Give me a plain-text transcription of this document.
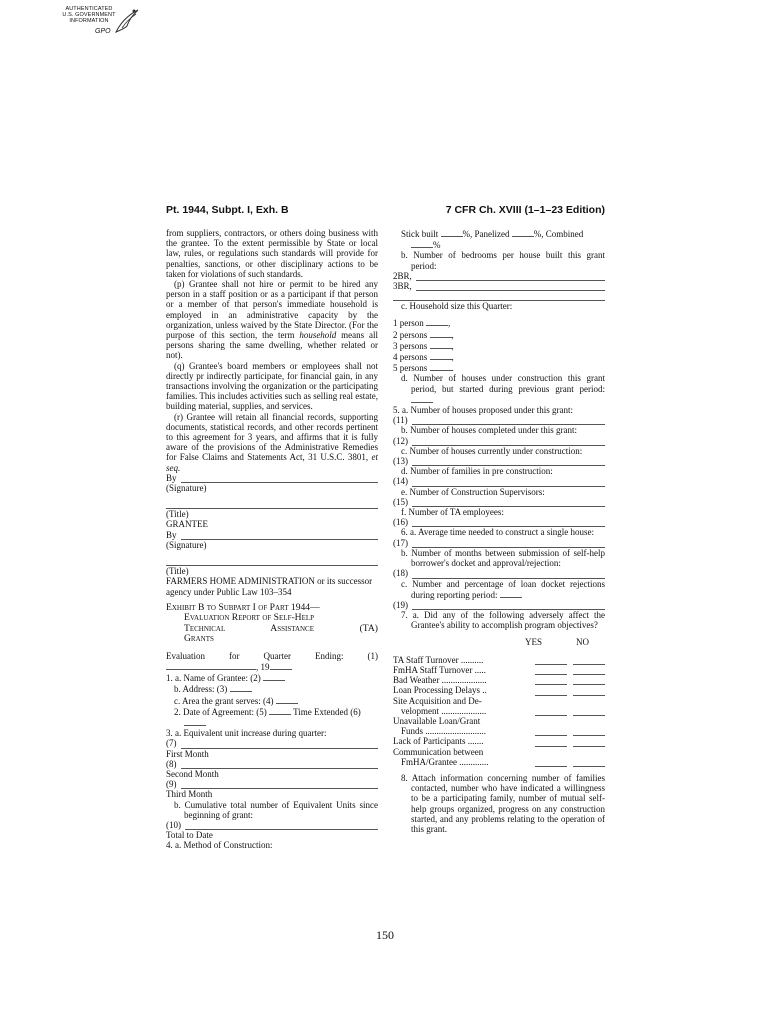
AUTHENTICATED
U.S. GOVERNMENT
INFORMATION
GPO
Pt. 1944, Subpt. I, Exh. B	7 CFR Ch. XVIII (1–1–23 Edition)

from suppliers, contractors, or others doing business with the grantee. To the extent permissible by State or local law, rules, or regulations such standards will provide for penalties, sanctions, or other disciplinary actions to be taken for violations of such standards.

(p) Grantee shall not hire or permit to be hired any person in a staff position or as a participant if that person or a member of that person's immediate household is employed in an administrative capacity by the organization, unless waived by the State Director. (For the purpose of this section, the term household means all persons sharing the same dwelling, whether related or not).

(q) Grantee's board members or employees shall not directly pr indirectly participate, for financial gain, in any transactions involving the organization or the participating families. This includes activities such as selling real estate, building material, supplies, and services.

(r) Grantee will retain all financial records, supporting documents, statistical records, and other records pertinent to this agreement for 3 years, and affirms that it is fully aware of the provisions of the Administrative Remedies for False Claims and Statements Act, 31 U.S.C. 3801, et seq.

By

(Signature)

(Title)

GRANTEE

By

(Signature)

(Title)

FARMERS HOME ADMINISTRATION or its successor agency under Public Law 103–354

Exhibit B to Subpart I of Part 1944—

Evaluation Report of Self-Help

Technical Assistance (TA)

Grants

Evaluation for Quarter Ending: (1)

, 19

1. a. Name of Grantee: (2)

b. Address: (3)

c. Area the grant serves: (4)

2. Date of Agreement: (5)	Time Extended (6)

3. a. Equivalent unit increase during quarter:

(7)

First Month

(8)

Second Month

(9)

Third Month

b. Cumulative total number of Equivalent Units since beginning of grant:

(10)

Total to Date

4. a. Method of Construction:

Stick built	%, Panelized	%, Combined %

b. Number of bedrooms per house built this grant period:

2BR,
3BR,

c. Household size this Quarter:

1 person	,

2 persons	,

3 persons	,

4 persons	,

5 persons	.

d. Number of houses under construction this grant period, but started during previous grant period:

5. a. Number of houses proposed under this grant:

(11)

b. Number of houses completed under this grant:

(12)

c. Number of houses currently under construction:

(13)

d. Number of families in pre construction:

(14)

e. Number of Construction Supervisors:

(15)

f. Number of TA employees:

(16)

6. a. Average time needed to construct a single house:

(17)

b. Number of months between submission of self-help borrower's docket and approval/rejection:

(18)

c. Number and percentage of loan docket rejections during reporting period:

(19)

7. a. Did any of the following adversely affect the Grantee's ability to accomplish program objectives?

YES	NO
TA Staff Turnover ..........	

FmHA Staff Turnover .....	

Bad Weather ....................	

Loan Processing Delays ..	

Site Acquisition and De-		
velopment ....................	

Unavailable Loan/Grant		
Funds ...........................	

Lack of Participants .......	

Communication between		
FmHA/Grantee .............	

8. Attach information concerning number of families contacted, number who have indicated a willingness to be a participating family, number of mutual self-help groups organized, progress on any construction started, and any problems relating to the operation of this grant.

150
